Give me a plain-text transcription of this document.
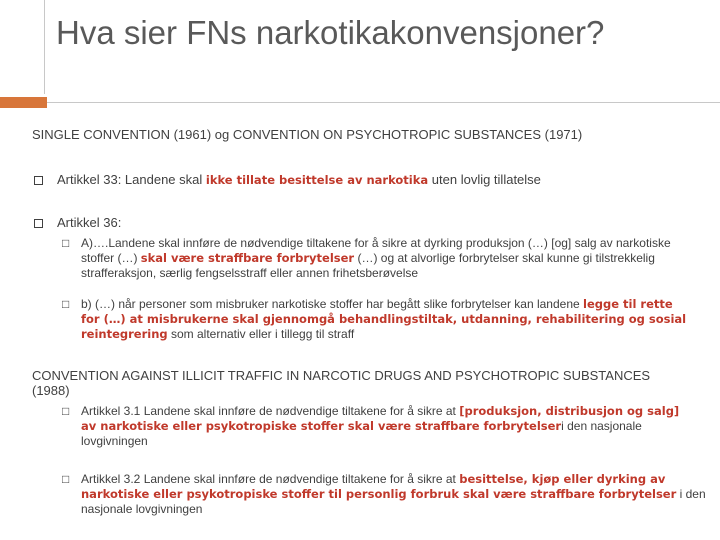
Hva sier FNs narkotikakonvensjoner?
SINGLE CONVENTION (1961) og CONVENTION ON PSYCHOTROPIC SUBSTANCES (1971)
Artikkel 33: Landene skal ikke tillate besittelse av narkotika uten lovlig tillatelse
Artikkel 36:
□ A)….Landene skal innføre de nødvendige tiltakene for å sikre at dyrking produksjon (…) [og] salg av narkotiske stoffer (…) skal være straffbare forbrytelser (…) og at alvorlige forbrytelser skal kunne gi tilstrekkelig strafferaksjon, særlig fengselsstraff eller annen frihetsberøvelse
□ b) (…) når personer som misbruker narkotiske stoffer har begått slike forbrytelser kan landene legge til rette for (…) at misbrukerne skal gjennomgå behandlingstiltak, utdanning, rehabilitering og sosial reintegrering som alternativ eller i tillegg til straff
CONVENTION AGAINST ILLICIT TRAFFIC IN NARCOTIC DRUGS AND PSYCHOTROPIC SUBSTANCES (1988)
□ Artikkel 3.1 Landene skal innføre de nødvendige tiltakene for å sikre at [produksjon, distribusjon og salg] av narkotiske eller psykotropiske stoffer skal være straffbare forbrytelseri den nasjonale lovgivningen
□ Artikkel 3.2 Landene skal innføre de nødvendige tiltakene for å sikre at besittelse, kjøp eller dyrking av narkotiske eller psykotropiske stoffer til personlig forbruk skal være straffbare forbrytelser i den nasjonale lovgivningen
